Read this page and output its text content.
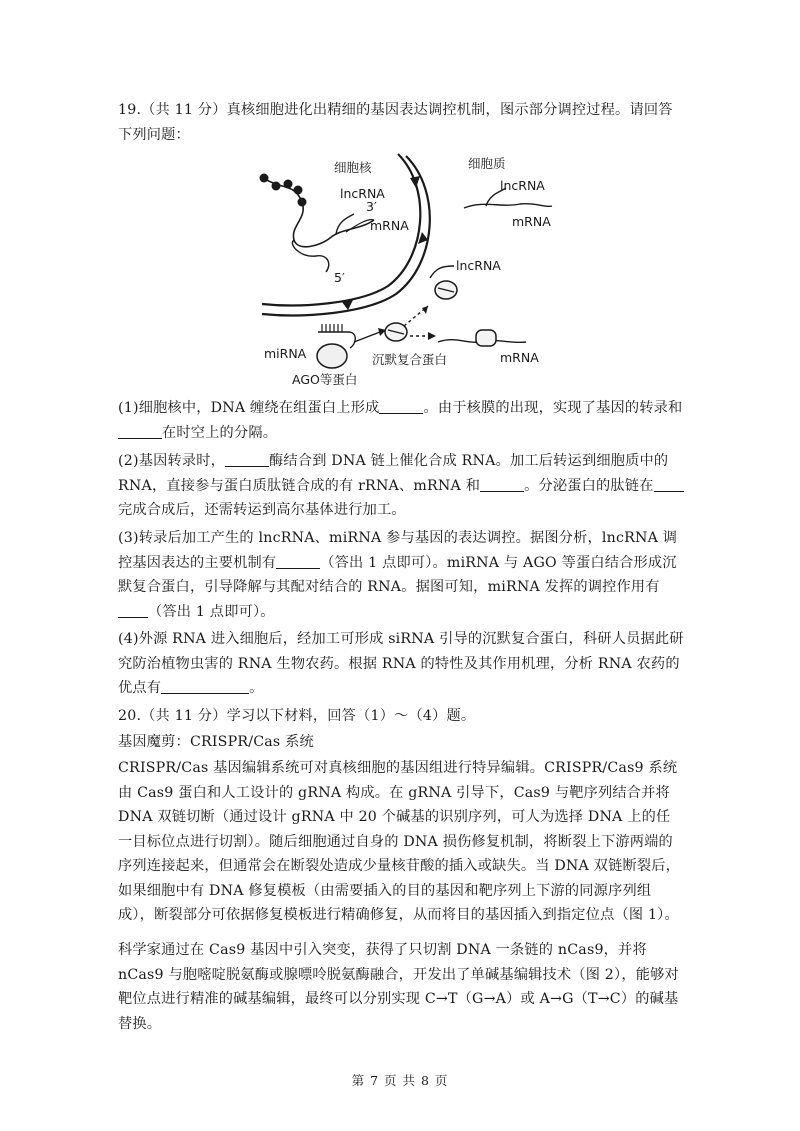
19.（共 11 分）真核细胞进化出精细的基因表达调控机制，图示部分调控过程。请回答下列问题：

细胞核
lncRNA
3′
mRNA
5′
细胞质
lncRNA
mRNA
lncRNA
miRNA
AGO等蛋白
沉默复合蛋白	mRNA

(1)细胞核中，DNA 缠绕在组蛋白上形成	。由于核膜的出现，实现了基因的转录和在时空上的分隔。

(2)基因转录时，	酶结合到 DNA 链上催化合成 RNA。加工后转运到细胞质中的 RNA，直接参与蛋白质肽链合成的有 rRNA、mRNA 和	。分泌蛋白的肽链在完成合成后，还需转运到高尔基体进行加工。

(3)转录后加工产生的 lncRNA、miRNA 参与基因的表达调控。据图分析，lncRNA 调控基因表达的主要机制有	（答出 1 点即可）。miRNA 与 AGO 等蛋白结合形成沉默复合蛋白，引导降解与其配对结合的 RNA。据图可知，miRNA 发挥的调控作用有（答出 1 点即可）。

(4)外源 RNA 进入细胞后，经加工可形成 siRNA 引导的沉默复合蛋白，科研人员据此研究防治植物虫害的 RNA 生物农药。根据 RNA 的特性及其作用机理，分析 RNA 农药的优点有	。

20.（共 11 分）学习以下材料，回答（1）～（4）题。

基因魔剪：CRISPR/Cas 系统

CRISPR/Cas 基因编辑系统可对真核细胞的基因组进行特异编辑。CRISPR/Cas9 系统由 Cas9 蛋白和人工设计的 gRNA 构成。在 gRNA 引导下，Cas9 与靶序列结合并将 DNA 双链切断（通过设计 gRNA 中 20 个碱基的识别序列，可人为选择 DNA 上的任一目标位点进行切割）。随后细胞通过自身的 DNA 损伤修复机制，将断裂上下游两端的序列连接起来，但通常会在断裂处造成少量核苷酸的插入或缺失。当 DNA 双链断裂后，如果细胞中有 DNA 修复模板（由需要插入的目的基因和靶序列上下游的同源序列组成），断裂部分可依据修复模板进行精确修复，从而将目的基因插入到指定位点（图 1）。

科学家通过在 Cas9 基因中引入突变，获得了只切割 DNA 一条链的 nCas9，并将 nCas9 与胞嘧啶脱氨酶或腺嘌呤脱氨酶融合，开发出了单碱基编辑技术（图 2），能够对靶位点进行精准的碱基编辑，最终可以分别实现 C→T（G→A）或 A→G（T→C）的碱基替换。

第 7 页 共 8 页
